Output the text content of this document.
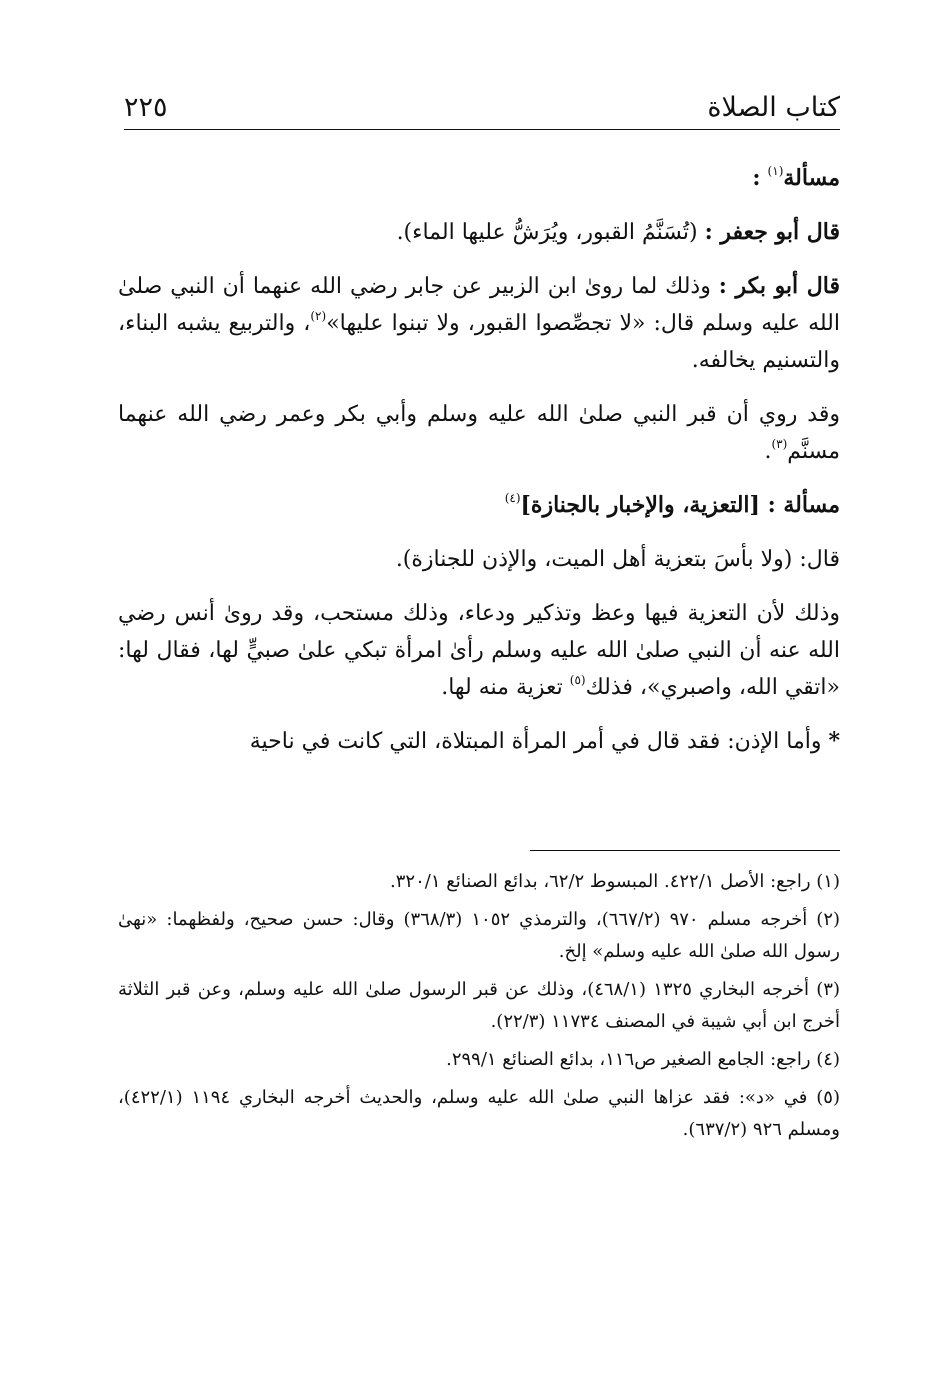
كتاب الصلاة
٢٢٥

مسألة$^{(١)}$ :

قال أبو جعفر : (تُسَنَّمُ القبور، ويُرَشُّ عليها الماء).

قال أبو بكر : وذلك لما روىٰ ابن الزبير عن جابر رضي الله عنهما أن النبي صلىٰ الله عليه وسلم قال: «لا تجصِّصوا القبور، ولا تبنوا عليها»$^{(٢)}$، والتربيع يشبه البناء، والتسنيم يخالفه.

وقد روي أن قبر النبي صلىٰ الله عليه وسلم وأبي بكر وعمر رضي الله عنهما مسنَّم$^{(٣)}$.

مسألة : [التعزية، والإخبار بالجنازة]$^{(٤)}$

قال: (ولا بأسَ بتعزية أهل الميت، والإذن للجنازة).

وذلك لأن التعزية فيها وعظ وتذكير ودعاء، وذلك مستحب، وقد روىٰ أنس رضي الله عنه أن النبي صلىٰ الله عليه وسلم رأىٰ امرأة تبكي علىٰ صبيٍّ لها، فقال لها: «اتقي الله، واصبري»، فذلك$^{(٥)}$ تعزية منه لها.

* وأما الإذن: فقد قال في أمر المرأة المبتلاة، التي كانت في ناحية

(١) راجع: الأصل ٤٢٢/١. المبسوط ٦٢/٢، بدائع الصنائع ٣٢٠/١.

(٢) أخرجه مسلم ٩٧٠ (٦٦٧/٢)، والترمذي ١٠٥٢ (٣٦٨/٣) وقال: حسن صحيح، ولفظهما: «نهىٰ رسول الله صلىٰ الله عليه وسلم» إلخ.

(٣) أخرجه البخاري ١٣٢٥ (٤٦٨/١)، وذلك عن قبر الرسول صلىٰ الله عليه وسلم، وعن قبر الثلاثة أخرج ابن أبي شيبة في المصنف ١١٧٣٤ (٢٢/٣).

(٤) راجع: الجامع الصغير ص١١٦، بدائع الصنائع ٢٩٩/١.

(٥) في «د»: فقد عزاها النبي صلىٰ الله عليه وسلم، والحديث أخرجه البخاري ١١٩٤ (٤٢٢/١)، ومسلم ٩٢٦ (٦٣٧/٢).
